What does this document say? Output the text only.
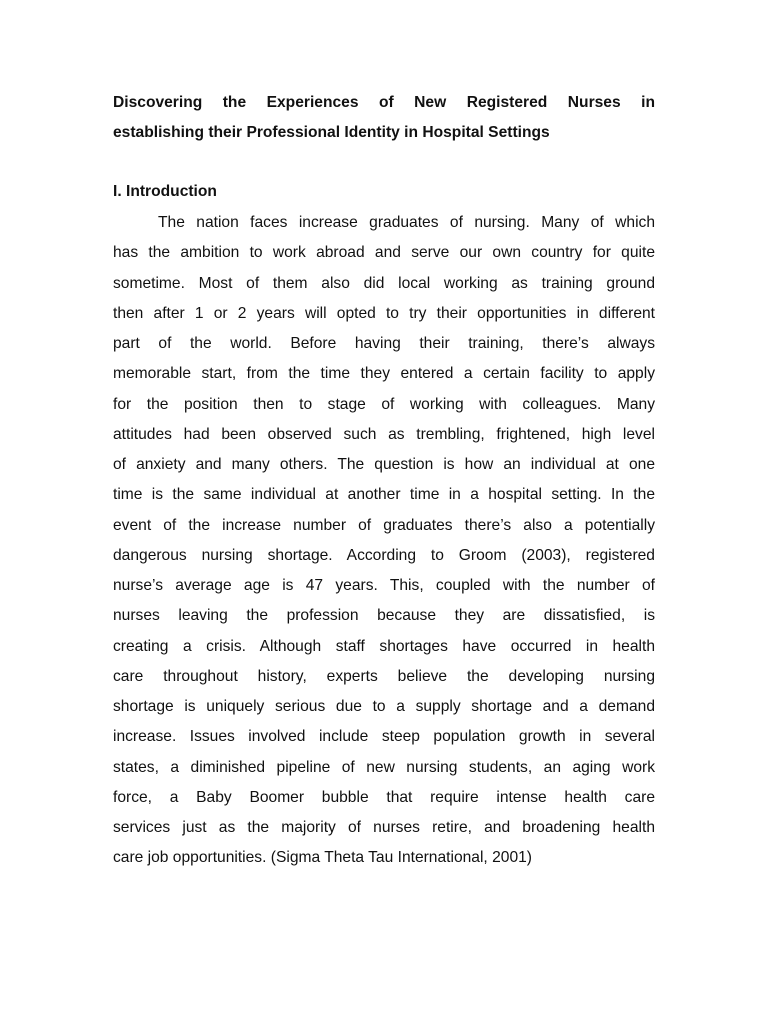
Discovering the Experiences of New Registered Nurses in
establishing their Professional Identity in Hospital Settings
I. Introduction

The nation faces increase graduates of nursing. Many of which
has the ambition to work abroad and serve our own country for quite
sometime. Most of them also did local working as training ground
then after 1 or 2 years will opted to try their opportunities in different
part of the world. Before having their training, there’s always
memorable start, from the time they entered a certain facility to apply
for the position then to stage of working with colleagues. Many
attitudes had been observed such as trembling, frightened, high level
of anxiety and many others. The question is how an individual at one
time is the same individual at another time in a hospital setting. In the
event of the increase number of graduates there’s also a potentially
dangerous nursing shortage. According to Groom (2003), registered
nurse’s average age is 47 years. This, coupled with the number of
nurses leaving the profession because they are dissatisfied, is
creating a crisis. Although staff shortages have occurred in health
care throughout history, experts believe the developing nursing
shortage is uniquely serious due to a supply shortage and a demand
increase. Issues involved include steep population growth in several
states, a diminished pipeline of new nursing students, an aging work
force, a Baby Boomer bubble that require intense health care
services just as the majority of nurses retire, and broadening health
care job opportunities. (Sigma Theta Tau International, 2001)
